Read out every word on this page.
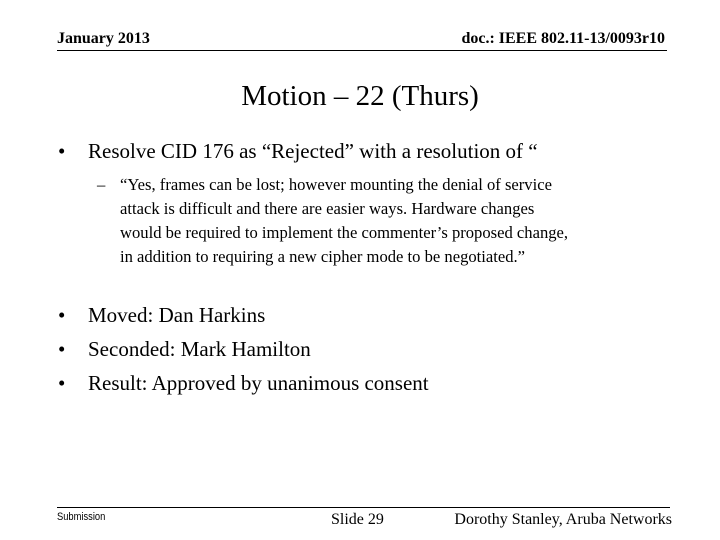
January 2013	doc.: IEEE 802.11-13/0093r10
Motion – 22 (Thurs)
• Resolve CID 176 as “Rejected” with a resolution of “
– “Yes, frames can be lost; however mounting the denial of service
attack is difficult and there are easier ways. Hardware changes
would be required to implement the commenter’s proposed change,
in addition to requiring a new cipher mode to be negotiated.”
• Moved: Dan Harkins
• Seconded: Mark Hamilton
• Result: Approved by unanimous consent
Submission	Slide 29	Dorothy Stanley, Aruba Networks
